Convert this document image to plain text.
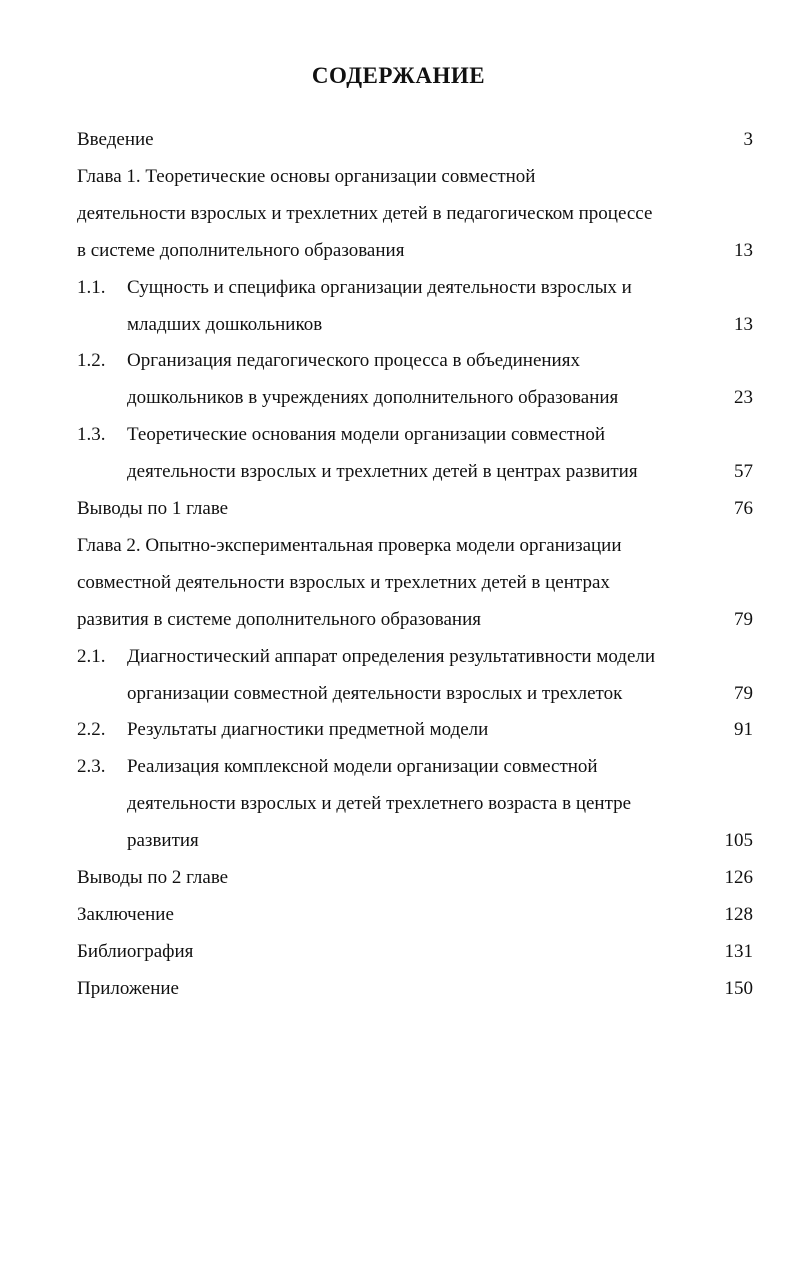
СОДЕРЖАНИЕ
Введение	3
Глава 1. Теоретические основы организации совместной
деятельности взрослых и трехлетних детей в педагогическом процессе
в системе дополнительного образования	13
1.1. Сущность и специфика организации деятельности взрослых и
младших дошкольников	13
1.2. Организация педагогического процесса в объединениях
дошкольников в учреждениях дополнительного образования	23
1.3. Теоретические основания модели организации совместной
деятельности взрослых и трехлетних детей в центрах развития	57
Выводы по 1 главе	76
Глава 2. Опытно-экспериментальная проверка модели организации
совместной деятельности взрослых и трехлетних детей в центрах
развития в системе дополнительного образования	79
2.1. Диагностический аппарат определения результативности модели
организации совместной деятельности взрослых и трехлеток	79
2.2. Результаты диагностики предметной модели	91
2.3. Реализация комплексной модели организации совместной
деятельности взрослых и детей трехлетнего возраста в центре
развития	105
Выводы по 2 главе	126
Заключение	128
Библиография	131
Приложение	150
